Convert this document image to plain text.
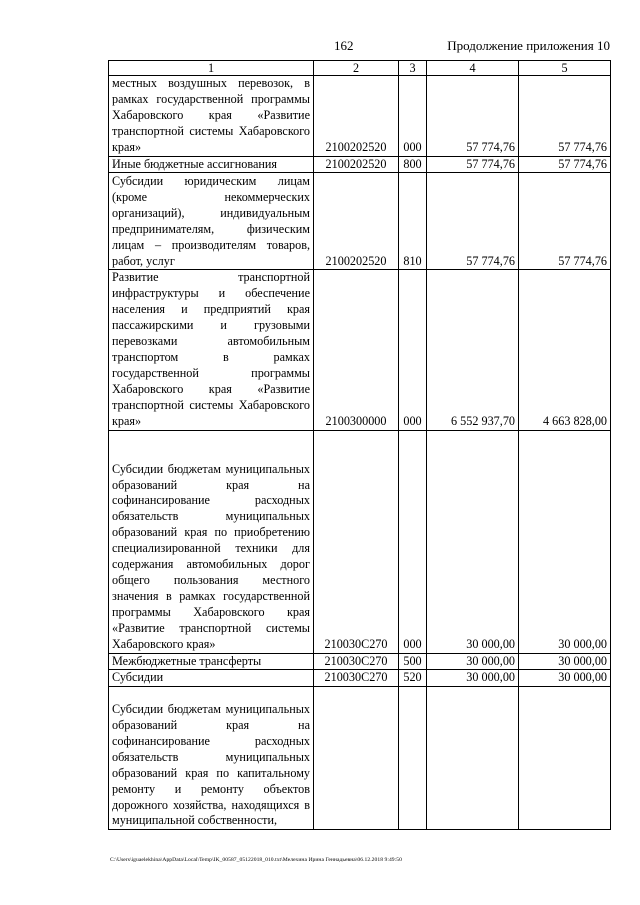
162	Продолжение приложения 10
1	2	3	4	5

местных воздушных перевозок, в рамках государственной программы Хабаровского края «Развитие транспортной системы Хабаровского края»	2100202520	000	57 774,76	57 774,76

Иные бюджетные ассигнования	2100202520	800	57 774,76	57 774,76

Субсидии юридическим лицам (кроме некоммерческих организаций), индивидуальным предпринимателям, физическим лицам – производителям товаров, работ, услуг	2100202520	810	57 774,76	57 774,76

Развитие транспортной инфраструктуры и обеспечение населения и предприятий края пассажирскими и грузовыми перевозками автомобильным транспортом в рамках государственной программы Хабаровского края «Развитие транспортной системы Хабаровского края»	2100300000	000	6 552 937,70	4 663 828,00

Субсидии бюджетам муниципальных образований края на софинансирование расходных обязательств муниципальных образований края по приобретению специализированной техники для содержания автомобильных дорог общего пользования местного значения в рамках государственной программы Хабаровского края «Развитие транспортной системы Хабаровского края»	210030С270	000	30 000,00	30 000,00

Межбюджетные трансферты	210030С270	500	30 000,00	30 000,00

Субсидии	210030С270	520	30 000,00	30 000,00

Субсидии бюджетам муниципальных образований края на софинансирование расходных обязательств муниципальных образований края по капитальному ремонту и ремонту объектов дорожного хозяйства, находящихся в муниципальной собственности,				

C:\Users\iguaelekhina\AppData\Local\Temp\IK_00587_05122018_010.txt\Мелехина Ирина Геннадьевна\06.12.2018 9:49:50
